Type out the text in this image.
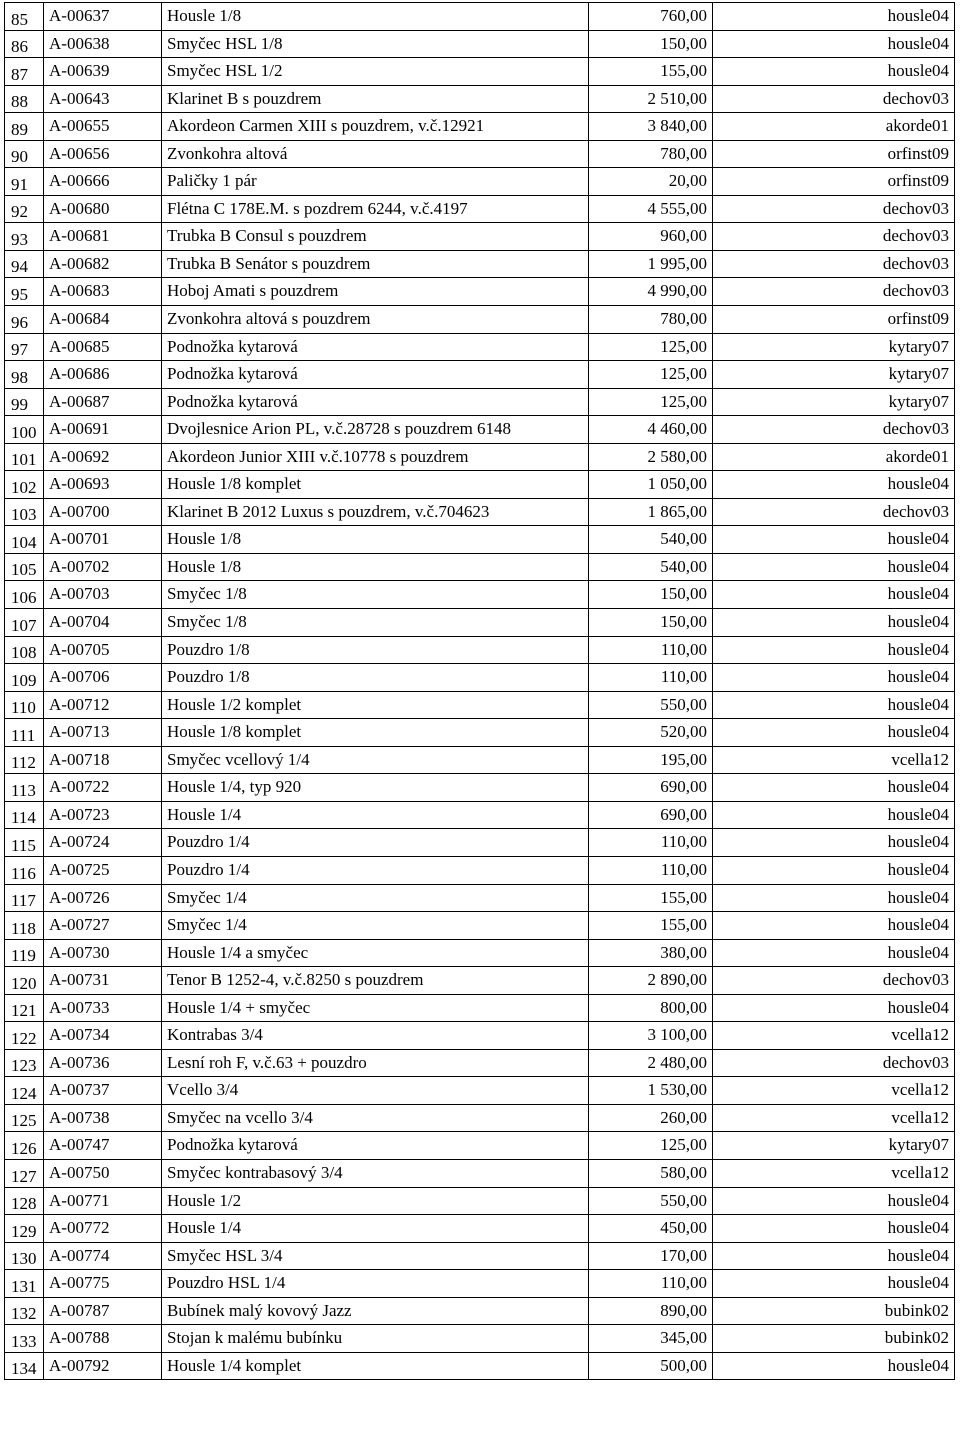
85	A-00637	Housle 1/8	760,00	housle04
86	A-00638	Smyčec HSL 1/8	150,00	housle04
87	A-00639	Smyčec HSL 1/2	155,00	housle04
88	A-00643	Klarinet B s pouzdrem	2 510,00	dechov03
89	A-00655	Akordeon Carmen XIII s pouzdrem, v.č.12921	3 840,00	akorde01
90	A-00656	Zvonkohra altová	780,00	orfinst09
91	A-00666	Paličky 1 pár	20,00	orfinst09
92	A-00680	Flétna C 178E.M. s pozdrem 6244, v.č.4197	4 555,00	dechov03
93	A-00681	Trubka B Consul s pouzdrem	960,00	dechov03
94	A-00682	Trubka B Senátor s pouzdrem	1 995,00	dechov03
95	A-00683	Hoboj Amati s pouzdrem	4 990,00	dechov03
96	A-00684	Zvonkohra altová s pouzdrem	780,00	orfinst09
97	A-00685	Podnožka kytarová	125,00	kytary07
98	A-00686	Podnožka kytarová	125,00	kytary07
99	A-00687	Podnožka kytarová	125,00	kytary07
100	A-00691	Dvojlesnice Arion PL, v.č.28728 s pouzdrem 6148	4 460,00	dechov03
101	A-00692	Akordeon Junior XIII v.č.10778 s pouzdrem	2 580,00	akorde01
102	A-00693	Housle 1/8 komplet	1 050,00	housle04
103	A-00700	Klarinet B 2012 Luxus s pouzdrem, v.č.704623	1 865,00	dechov03
104	A-00701	Housle 1/8	540,00	housle04
105	A-00702	Housle 1/8	540,00	housle04
106	A-00703	Smyčec 1/8	150,00	housle04
107	A-00704	Smyčec 1/8	150,00	housle04
108	A-00705	Pouzdro 1/8	110,00	housle04
109	A-00706	Pouzdro 1/8	110,00	housle04
110	A-00712	Housle 1/2 komplet	550,00	housle04
111	A-00713	Housle 1/8 komplet	520,00	housle04
112	A-00718	Smyčec vcellový 1/4	195,00	vcella12
113	A-00722	Housle 1/4, typ 920	690,00	housle04
114	A-00723	Housle 1/4	690,00	housle04
115	A-00724	Pouzdro 1/4	110,00	housle04
116	A-00725	Pouzdro 1/4	110,00	housle04
117	A-00726	Smyčec 1/4	155,00	housle04
118	A-00727	Smyčec 1/4	155,00	housle04
119	A-00730	Housle 1/4 a smyčec	380,00	housle04
120	A-00731	Tenor B 1252-4, v.č.8250 s pouzdrem	2 890,00	dechov03
121	A-00733	Housle 1/4 + smyčec	800,00	housle04
122	A-00734	Kontrabas 3/4	3 100,00	vcella12
123	A-00736	Lesní roh F, v.č.63 + pouzdro	2 480,00	dechov03
124	A-00737	Vcello 3/4	1 530,00	vcella12
125	A-00738	Smyčec na vcello 3/4	260,00	vcella12
126	A-00747	Podnožka kytarová	125,00	kytary07
127	A-00750	Smyčec kontrabasový 3/4	580,00	vcella12
128	A-00771	Housle 1/2	550,00	housle04
129	A-00772	Housle 1/4	450,00	housle04
130	A-00774	Smyčec HSL 3/4	170,00	housle04
131	A-00775	Pouzdro HSL 1/4	110,00	housle04
132	A-00787	Bubínek malý kovový Jazz	890,00	bubink02
133	A-00788	Stojan k malému bubínku	345,00	bubink02
134	A-00792	Housle 1/4 komplet	500,00	housle04
